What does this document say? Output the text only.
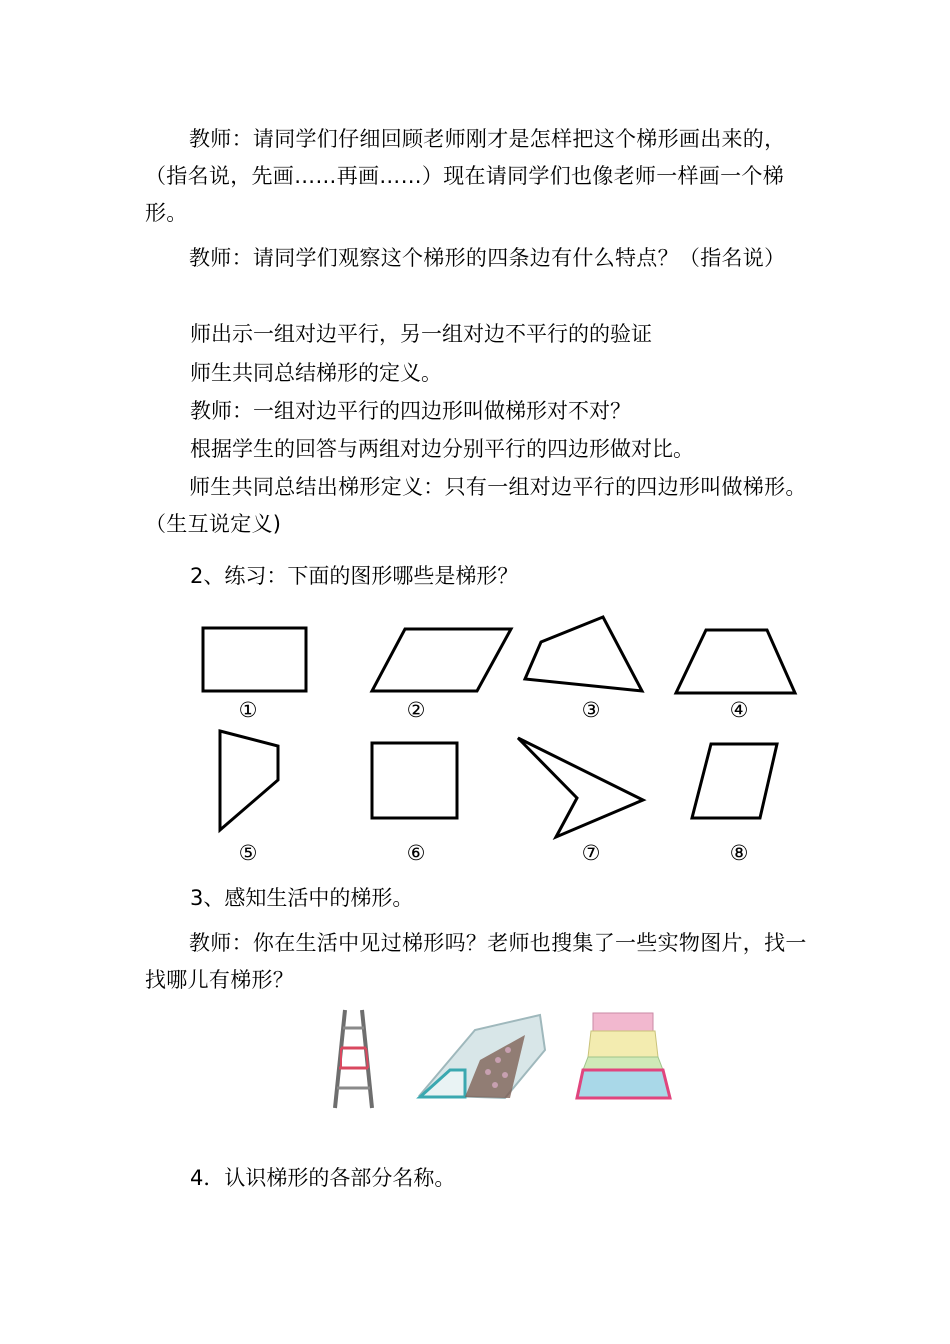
教师：请同学们仔细回顾老师刚才是怎样把这个梯形画出来的，（指名说，先画……再画……）现在请同学们也像老师一样画一个梯形。

教师：请同学们观察这个梯形的四条边有什么特点？（指名说）

师出示一组对边平行，另一组对边不平行的的验证

师生共同总结梯形的定义。

教师：一组对边平行的四边形叫做梯形对不对？

根据学生的回答与两组对边分别平行的四边形做对比。

师生共同总结出梯形定义：只有一组对边平行的四边形叫做梯形。（生互说定义)

2、练习：下面的图形哪些是梯形？

①	②	③	④
⑤	⑥	⑦	⑧

3、感知生活中的梯形。

教师：你在生活中见过梯形吗？老师也搜集了一些实物图片，找一找哪儿有梯形？

4．认识梯形的各部分名称。
